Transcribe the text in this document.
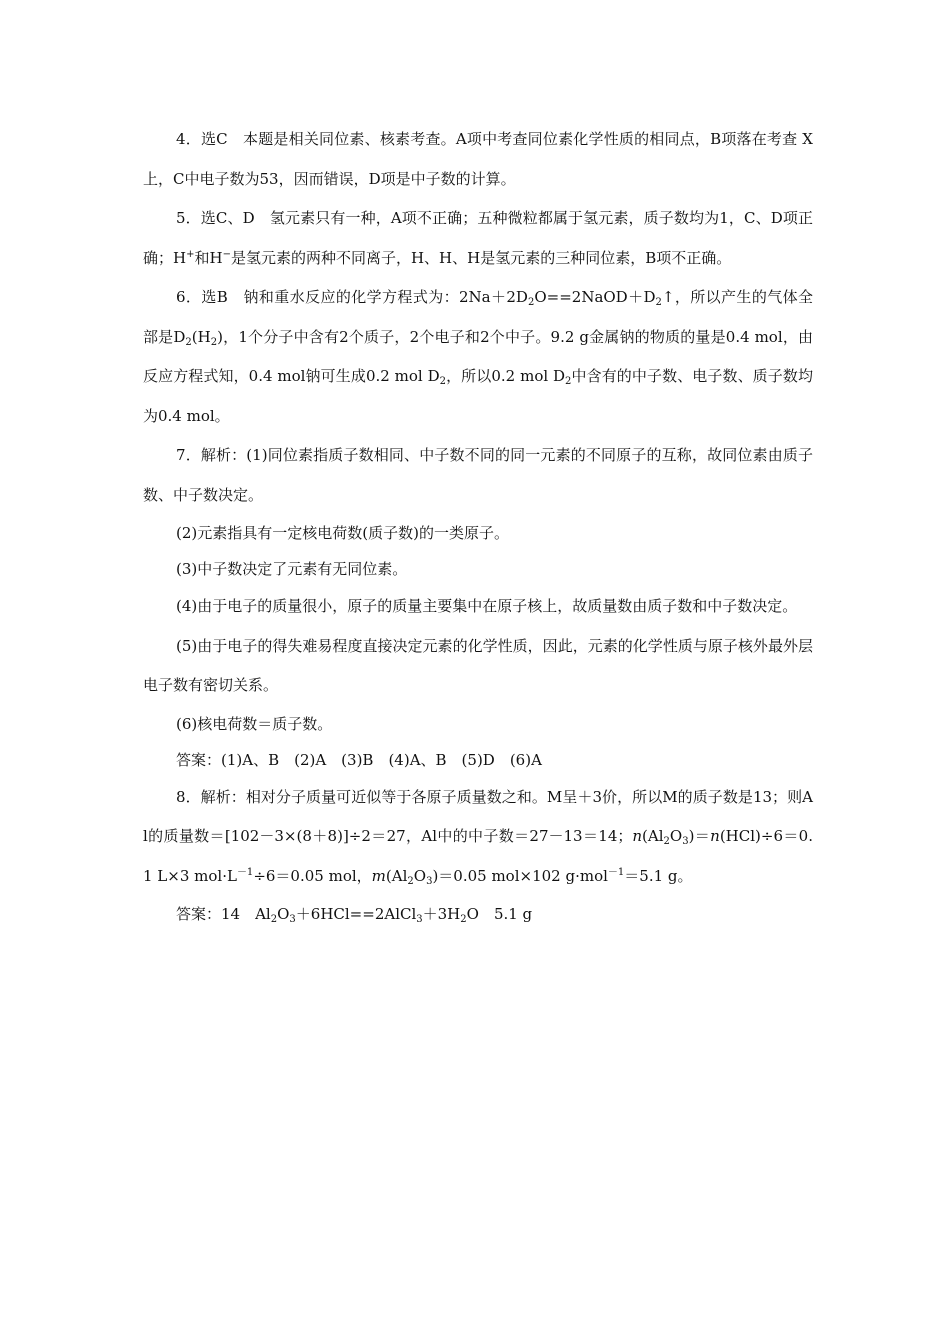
4．选C　本题是相关同位素、核素考查。A项中考查同位素化学性质的相同点，B项落在考查 X上，C中电子数为53，因而错误，D项是中子数的计算。

5．选C、D　氢元素只有一种，A项不正确；五种微粒都属于氢元素，质子数均为1，C、D项正确；H+和H−是氢元素的两种不同离子，H、H、H是氢元素的三种同位素，B项不正确。

6．选B　钠和重水反应的化学方程式为：$2Na+2D_2O==2NaOD+D_2↑$，所以产生的气体全部是$D_2(H_2)$，1个分子中含有2个质子，2个电子和2个中子。9.2 g金属钠的物质的量是0.4 mol，由反应方程式知，0.4 mol钠可生成0.2 mol $D_2$，所以0.2 mol $D_2$中含有的中子数、电子数、质子数均为0.4 mol。

7．解析：(1)同位素指质子数相同、中子数不同的同一元素的不同原子的互称，故同位素由质子数、中子数决定。

(2)元素指具有一定核电荷数(质子数)的一类原子。

(3)中子数决定了元素有无同位素。

(4)由于电子的质量很小，原子的质量主要集中在原子核上，故质量数由质子数和中子数决定。

(5)由于电子的得失难易程度直接决定元素的化学性质，因此，元素的化学性质与原子核外最外层电子数有密切关系。

(6)核电荷数＝质子数。

答案：(1)A、B　(2)A　(3)B　(4)A、B　(5)D　(6)A

8．解析：相对分子质量可近似等于各原子质量数之和。M呈＋3价，所以M的质子数是13；则Al的质量数＝[102－3×(8＋8)]÷2＝27，Al中的中子数＝27－13＝14；$n(Al_2O_3)=n(HCl)\div 6=0.1$ L×3 $mol\cdot L^{-1}\div 6=0.05$ mol，$m(Al_2O_3)=0.05$ mol×102 g·mol$^{-1}$＝5.1 g。

答案：14　$Al_2O_3+6HCl==2AlCl_3+3H_2O$　5.1 g
